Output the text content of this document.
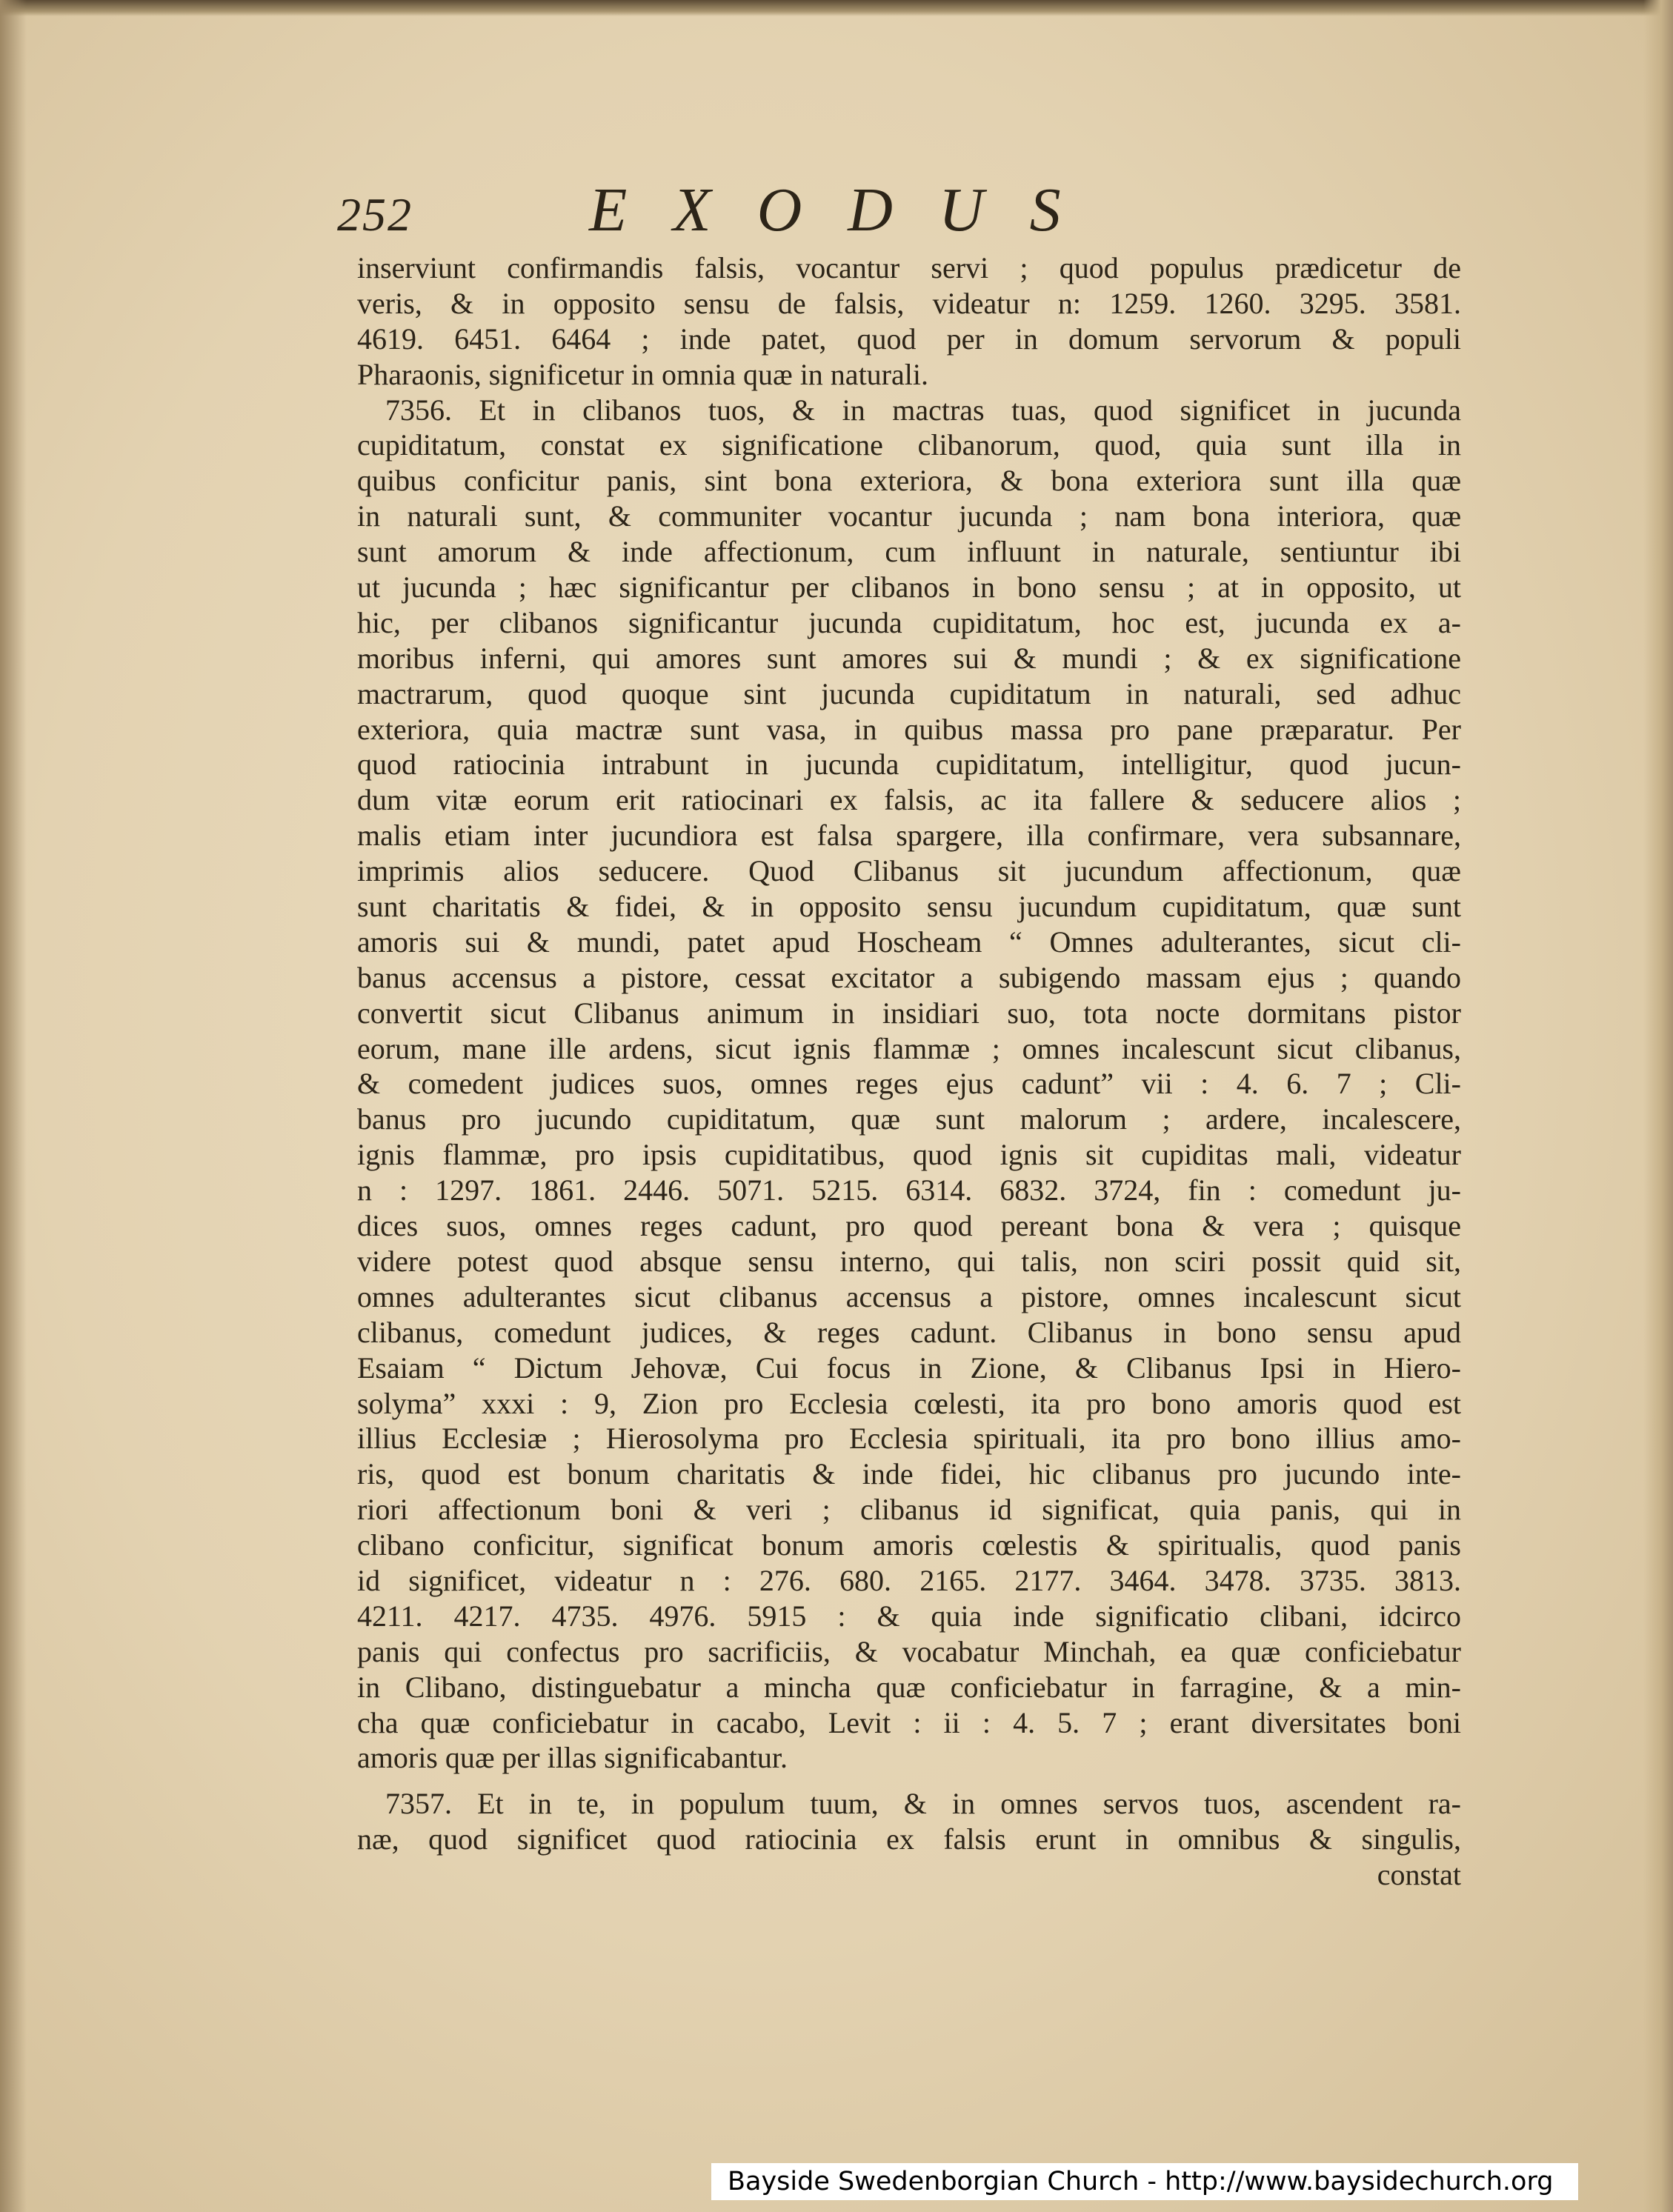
252	EXODUS
inserviunt confirmandis falsis, vocantur servi ; quod populus prædicetur de
veris, & in opposito sensu de falsis, videatur n: 1259. 1260. 3295. 3581.
4619. 6451. 6464 ; inde patet, quod per in domum servorum & populi
Pharaonis, significetur in omnia quæ in naturali.
7356. Et in clibanos tuos, & in mactras tuas, quod significet in jucunda
cupiditatum, constat ex significatione clibanorum, quod, quia sunt illa in
quibus conficitur panis, sint bona exteriora, & bona exteriora sunt illa quæ
in naturali sunt, & communiter vocantur jucunda ; nam bona interiora, quæ
sunt amorum & inde affectionum, cum influunt in naturale, sentiuntur ibi
ut jucunda ; hæc significantur per clibanos in bono sensu ; at in opposito, ut
hic, per clibanos significantur jucunda cupiditatum, hoc est, jucunda ex a-
moribus inferni, qui amores sunt amores sui & mundi ; & ex significatione
mactrarum, quod quoque sint jucunda cupiditatum in naturali, sed adhuc
exteriora, quia mactræ sunt vasa, in quibus massa pro pane præparatur. Per
quod ratiocinia intrabunt in jucunda cupiditatum, intelligitur, quod jucun-
dum vitæ eorum erit ratiocinari ex falsis, ac ita fallere & seducere alios ;
malis etiam inter jucundiora est falsa spargere, illa confirmare, vera subsannare,
imprimis alios seducere. Quod Clibanus sit jucundum affectionum, quæ
sunt charitatis & fidei, & in opposito sensu jucundum cupiditatum, quæ sunt
amoris sui & mundi, patet apud Hoscheam “ Omnes adulterantes, sicut cli-
banus accensus a pistore, cessat excitator a subigendo massam ejus ; quando
convertit sicut Clibanus animum in insidiari suo, tota nocte dormitans pistor
eorum, mane ille ardens, sicut ignis flammæ ; omnes incalescunt sicut clibanus,
& comedent judices suos, omnes reges ejus cadunt” vii : 4. 6. 7 ; Cli-
banus pro jucundo cupiditatum, quæ sunt malorum ; ardere, incalescere,
ignis flammæ, pro ipsis cupiditatibus, quod ignis sit cupiditas mali, videatur
n : 1297. 1861. 2446. 5071. 5215. 6314. 6832. 3724, fin : comedunt ju-
dices suos, omnes reges cadunt, pro quod pereant bona & vera ; quisque
videre potest quod absque sensu interno, qui talis, non sciri possit quid sit,
omnes adulterantes sicut clibanus accensus a pistore, omnes incalescunt sicut
clibanus, comedunt judices, & reges cadunt. Clibanus in bono sensu apud
Esaiam “ Dictum Jehovæ, Cui focus in Zione, & Clibanus Ipsi in Hiero-
solyma” xxxi : 9, Zion pro Ecclesia cœlesti, ita pro bono amoris quod est
illius Ecclesiæ ; Hierosolyma pro Ecclesia spirituali, ita pro bono illius amo-
ris, quod est bonum charitatis & inde fidei, hic clibanus pro jucundo inte-
riori affectionum boni & veri ; clibanus id significat, quia panis, qui in
clibano conficitur, significat bonum amoris cœlestis & spiritualis, quod panis
id significet, videatur n : 276. 680. 2165. 2177. 3464. 3478. 3735. 3813.
4211. 4217. 4735. 4976. 5915 : & quia inde significatio clibani, idcirco
panis qui confectus pro sacrificiis, & vocabatur Minchah, ea quæ conficiebatur
in Clibano, distinguebatur a mincha quæ conficiebatur in farragine, & a min-
cha quæ conficiebatur in cacabo, Levit : ii : 4. 5. 7 ; erant diversitates boni
amoris quæ per illas significabantur.
7357. Et in te, in populum tuum, & in omnes servos tuos, ascendent ra-
næ, quod significet quod ratiocinia ex falsis erunt in omnibus & singulis,
constat
Bayside Swedenborgian Church - http://www.baysidechurch.org
